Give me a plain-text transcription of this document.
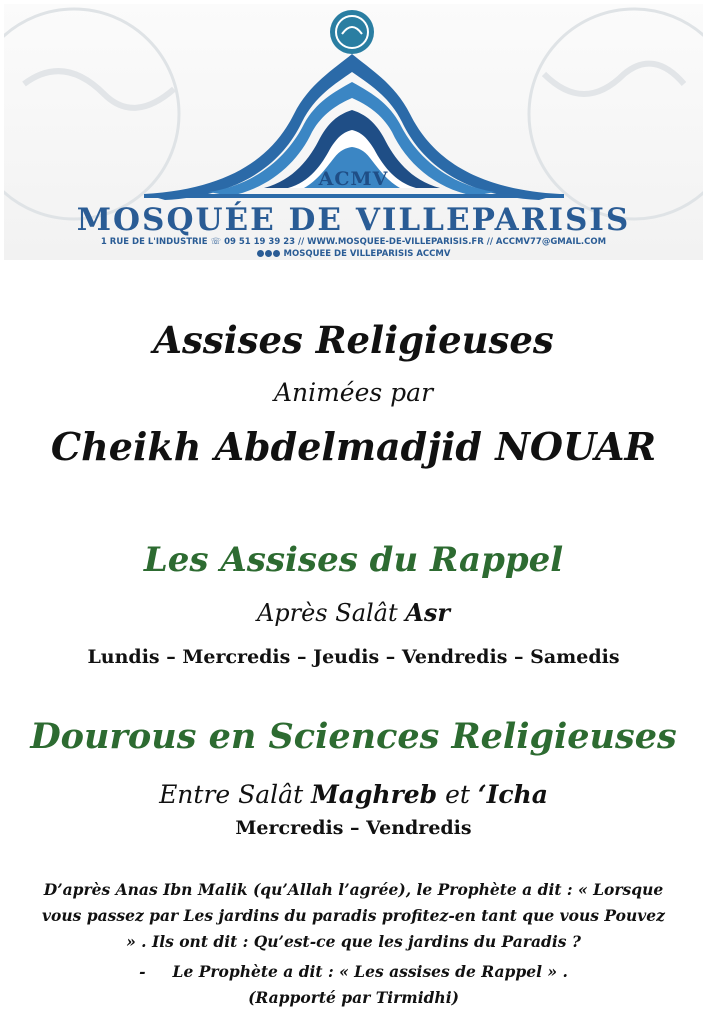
ACMV
MOSQUÉE DE VILLEPARISIS
1 RUE DE L'INDUSTRIE ☏ 09 51 19 39 23 // WWW.MOSQUEE-DE-VILLEPARISIS.FR // ACCMV77@GMAIL.COM
MOSQUEE DE VILLEPARISIS ACCMV
Assises Religieuses
Animées par
Cheikh Abdelmadjid NOUAR
Les Assises du Rappel
Après Salât Asr
Lundis – Mercredis – Jeudis – Vendredis – Samedis
Dourous en Sciences Religieuses
Entre Salât Maghreb et ‘Icha
Mercredis – Vendredis
D’après Anas Ibn Malik (qu’Allah l’agrée), le Prophète a dit : « Lorsque
vous passez par Les jardins du paradis profitez-en tant que vous Pouvez
» . Ils ont dit : Qu’est-ce que les jardins du Paradis ?
-     Le Prophète a dit : « Les assises de Rappel » .
(Rapporté par Tirmidhi)
